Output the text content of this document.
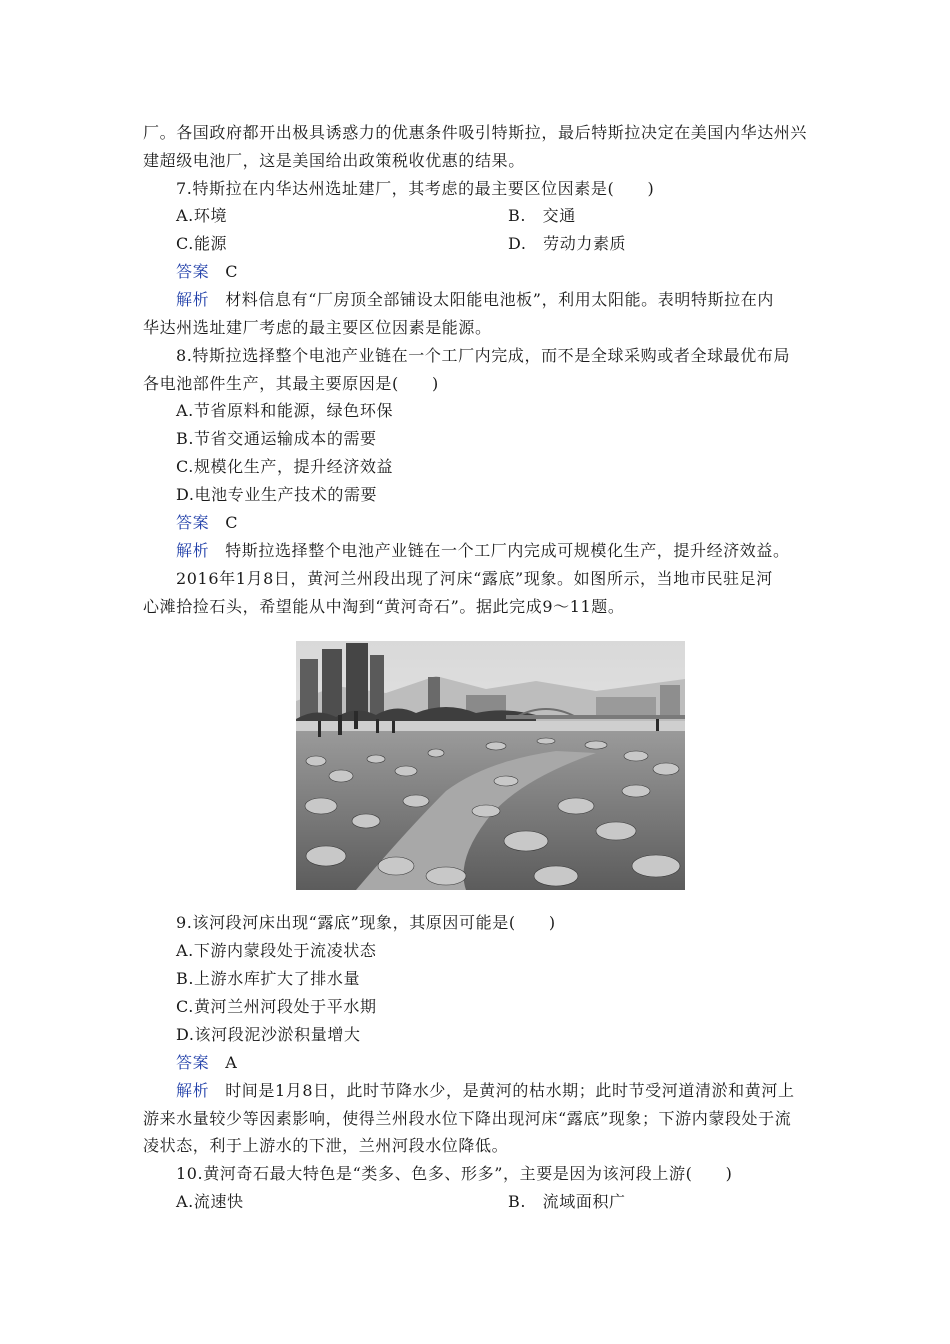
厂。各国政府都开出极具诱惑力的优惠条件吸引特斯拉，最后特斯拉决定在美国内华达州兴
建超级电池厂，这是美国给出政策税收优惠的结果。
7.特斯拉在内华达州选址建厂，其考虑的最主要区位因素是(　　)
A.环境	B.　交通
C.能源	D.　劳动力素质
答案 C
解析 材料信息有“厂房顶全部铺设太阳能电池板”，利用太阳能。表明特斯拉在内
华达州选址建厂考虑的最主要区位因素是能源。
8.特斯拉选择整个电池产业链在一个工厂内完成，而不是全球采购或者全球最优布局
各电池部件生产，其最主要原因是(　　)
A.节省原料和能源，绿色环保
B.节省交通运输成本的需要
C.规模化生产，提升经济效益
D.电池专业生产技术的需要
答案 C
解析 特斯拉选择整个电池产业链在一个工厂内完成可规模化生产，提升经济效益。
2016年1月8日，黄河兰州段出现了河床“露底”现象。如图所示，当地市民驻足河
心滩拾捡石头，希望能从中淘到“黄河奇石”。据此完成9～11题。
9.该河段河床出现“露底”现象，其原因可能是(　　)
A.下游内蒙段处于流凌状态
B.上游水库扩大了排水量
C.黄河兰州河段处于平水期
D.该河段泥沙淤积量增大
答案 A
解析 时间是1月8日，此时节降水少，是黄河的枯水期；此时节受河道清淤和黄河上
游来水量较少等因素影响，使得兰州段水位下降出现河床“露底”现象；下游内蒙段处于流
凌状态，利于上游水的下泄，兰州河段水位降低。
10.黄河奇石最大特色是“类多、色多、形多”，主要是因为该河段上游(　　)
A.流速快	B.　流域面积广
